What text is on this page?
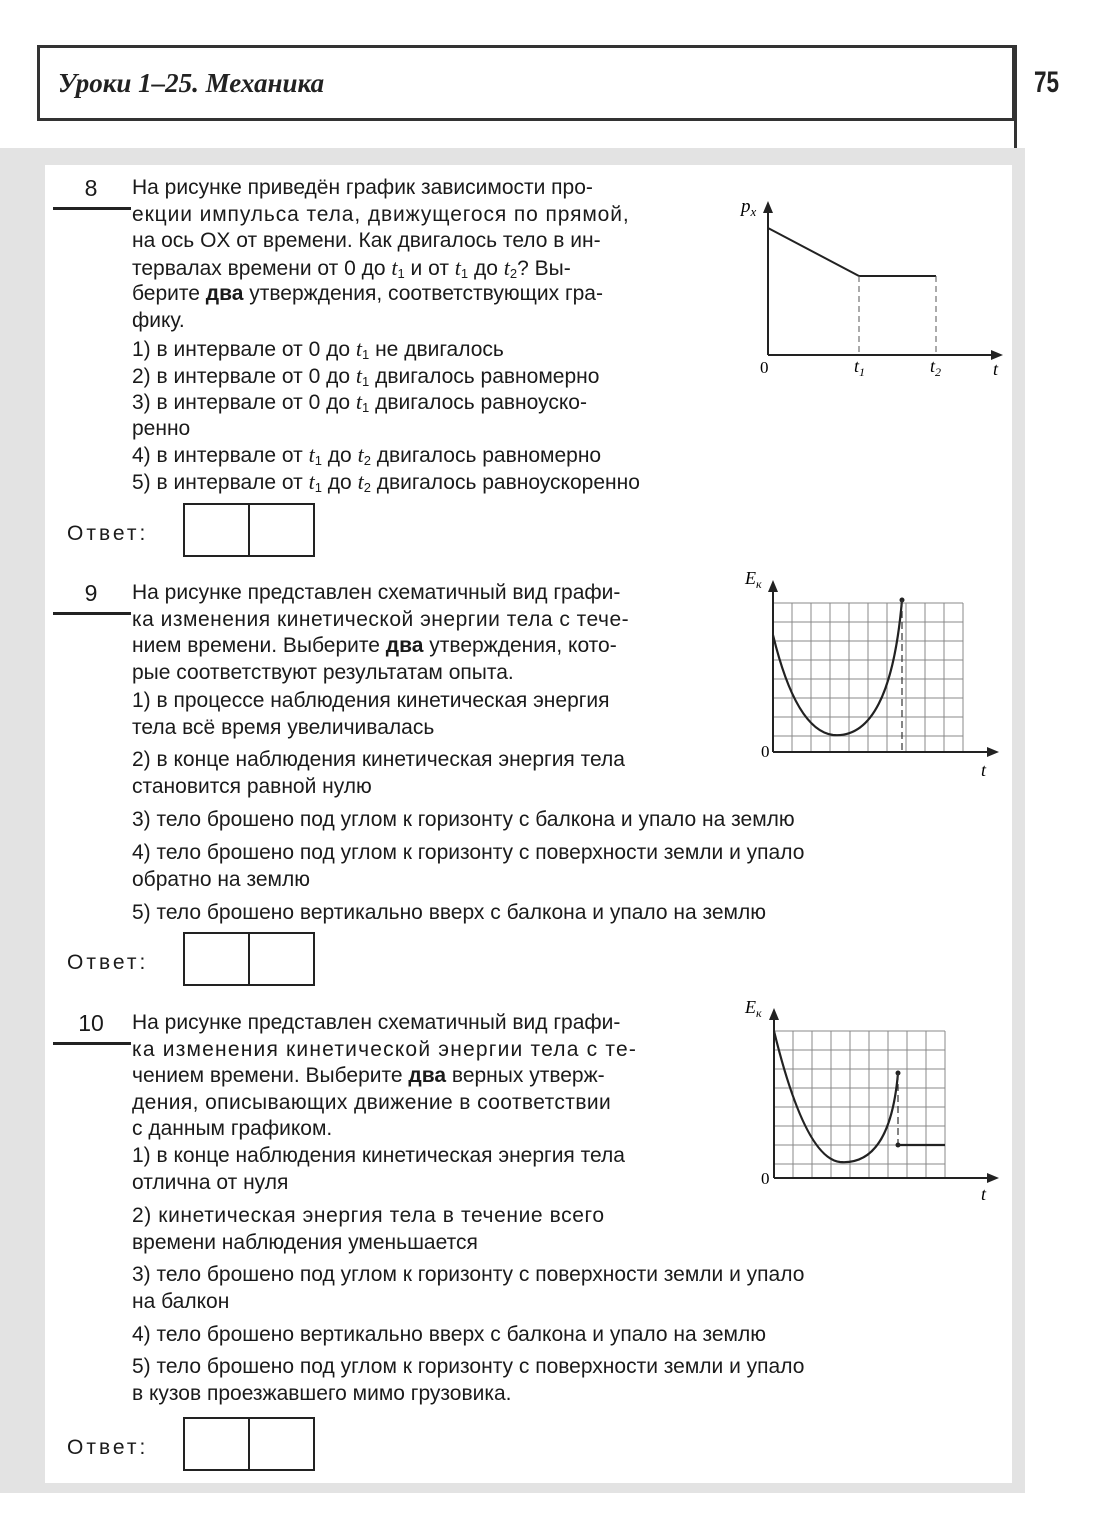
Уроки 1–25. Механика	75
8	На рисунке приведён график зависимости про-
екции импульса тела, движущегося по прямой,
на ось OX от времени. Как двигалось тело в ин-
тервалах времени от 0 до $t_1$ и от $t_1$ до $t_2$? Вы-
берите два утверждения, соответствующих гра-
фику.
1) в интервале от 0 до $t_1$ не двигалось
2) в интервале от 0 до $t_1$ двигалось равномерно
3) в интервале от 0 до $t_1$ двигалось равноуско-
ренно
4) в интервале от $t_1$ до $t_2$ двигалось равномерно
5) в интервале от $t_1$ до $t_2$ двигалось равноускоренно
$p_x$
0	$t_1$	$t_2$	t
Ответ:
9	На рисунке представлен схематичный вид графи-
ка изменения кинетической энергии тела с тече-
нием времени. Выберите два утверждения, кото-
рые соответствуют результатам опыта.
1) в процессе наблюдения кинетическая энергия
тела всё время увеличивалась
2) в конце наблюдения кинетическая энергия тела
становится равной нулю
3) тело брошено под углом к горизонту с балкона и упало на землю
4) тело брошено под углом к горизонту с поверхности земли и упало
обратно на землю
5) тело брошено вертикально вверх с балкона и упало на землю
$E_к$
0
t
Ответ:
10	На рисунке представлен схематичный вид графи-
ка изменения кинетической энергии тела с те-
чением времени. Выберите два верных утверж-
дения, описывающих движение в соответствии
с данным графиком.
1) в конце наблюдения кинетическая энергия тела
отлична от нуля
2) кинетическая энергия тела в течение всего
времени наблюдения уменьшается
3) тело брошено под углом к горизонту с поверхности земли и упало
на балкон
4) тело брошено вертикально вверх с балкона и упало на землю
5) тело брошено под углом к горизонту с поверхности земли и упало
в кузов проезжавшего мимо грузовика.
$E_к$
0
t
Ответ:
